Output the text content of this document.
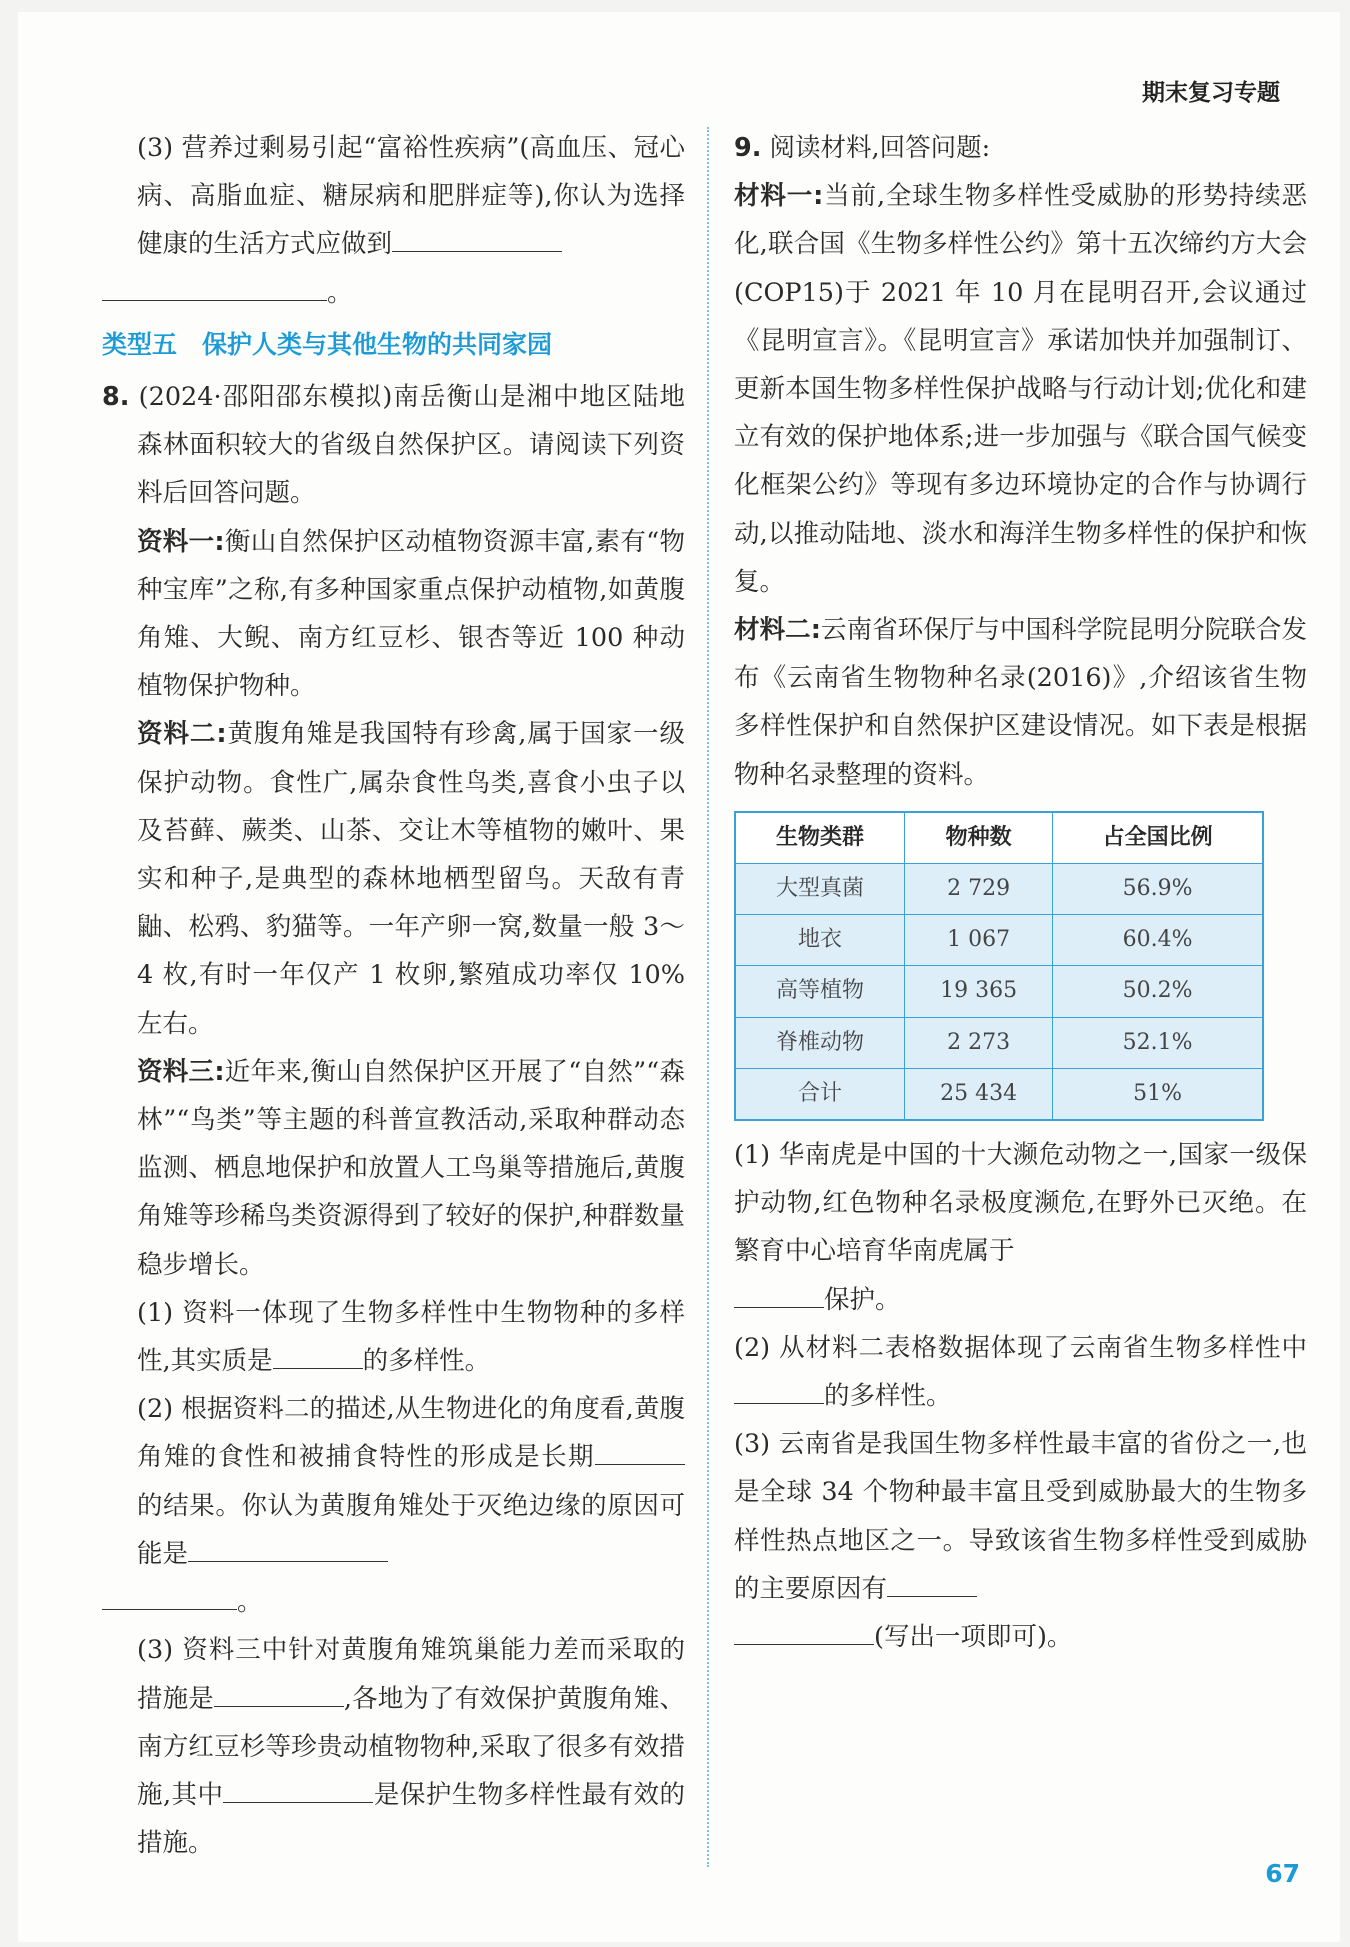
期末复习专题

(3) 营养过剩易引起“富裕性疾病”(高血压、冠心病、高脂血症、糖尿病和肥胖症等),你认为选择健康的生活方式应做到
。

类型五　保护人类与其他生物的共同家园

8. (2024·邵阳邵东模拟)南岳衡山是湘中地区陆地森林面积较大的省级自然保护区。请阅读下列资料后回答问题。

资料一:衡山自然保护区动植物资源丰富,素有“物种宝库”之称,有多种国家重点保护动植物,如黄腹角雉、大鲵、南方红豆杉、银杏等近 100 种动植物保护物种。

资料二:黄腹角雉是我国特有珍禽,属于国家一级保护动物。食性广,属杂食性鸟类,喜食小虫子以及苔藓、蕨类、山茶、交让木等植物的嫩叶、果实和种子,是典型的森林地栖型留鸟。天敌有青鼬、松鸦、豹猫等。一年产卵一窝,数量一般 3～4 枚,有时一年仅产 1 枚卵,繁殖成功率仅 10% 左右。

资料三:近年来,衡山自然保护区开展了“自然”“森林”“鸟类”等主题的科普宣教活动,采取种群动态监测、栖息地保护和放置人工鸟巢等措施后,黄腹角雉等珍稀鸟类资源得到了较好的保护,种群数量稳步增长。

(1) 资料一体现了生物多样性中生物物种的多样性,其实质是	的多样性。

(2) 根据资料二的描述,从生物进化的角度看,黄腹角雉的食性和被捕食特性的形成是长期的结果。你认为黄腹角雉处于灭绝边缘的原因可能是
。

(3) 资料三中针对黄腹角雉筑巢能力差而采取的措施是	,各地为了有效保护黄腹角雉、南方红豆杉等珍贵动植物物种,采取了很多有效措施,其中	是保护生物多样性最有效的措施。

9. 阅读材料,回答问题:

材料一:当前,全球生物多样性受威胁的形势持续恶化,联合国《生物多样性公约》第十五次缔约方大会(COP15)于 2021 年 10 月在昆明召开,会议通过《昆明宣言》。《昆明宣言》承诺加快并加强制订、更新本国生物多样性保护战略与行动计划;优化和建立有效的保护地体系;进一步加强与《联合国气候变化框架公约》等现有多边环境协定的合作与协调行动,以推动陆地、淡水和海洋生物多样性的保护和恢复。

材料二:云南省环保厅与中国科学院昆明分院联合发布《云南省生物物种名录(2016)》,介绍该省生物多样性保护和自然保护区建设情况。如下表是根据物种名录整理的资料。

生物类群	物种数	占全国比例
大型真菌	2 729	56.9%
地衣	1 067	60.4%
高等植物	19 365	50.2%
脊椎动物	2 273	52.1%
合计	25 434	51%

(1) 华南虎是中国的十大濒危动物之一,国家一级保护动物,红色物种名录极度濒危,在野外已灭绝。在繁育中心培育华南虎属于
保护。

(2) 从材料二表格数据体现了云南省生物多样性中的多样性。

(3) 云南省是我国生物多样性最丰富的省份之一,也是全球 34 个物种最丰富且受到威胁最大的生物多样性热点地区之一。导致该省生物多样性受到威胁的主要原因有
(写出一项即可)。

67
